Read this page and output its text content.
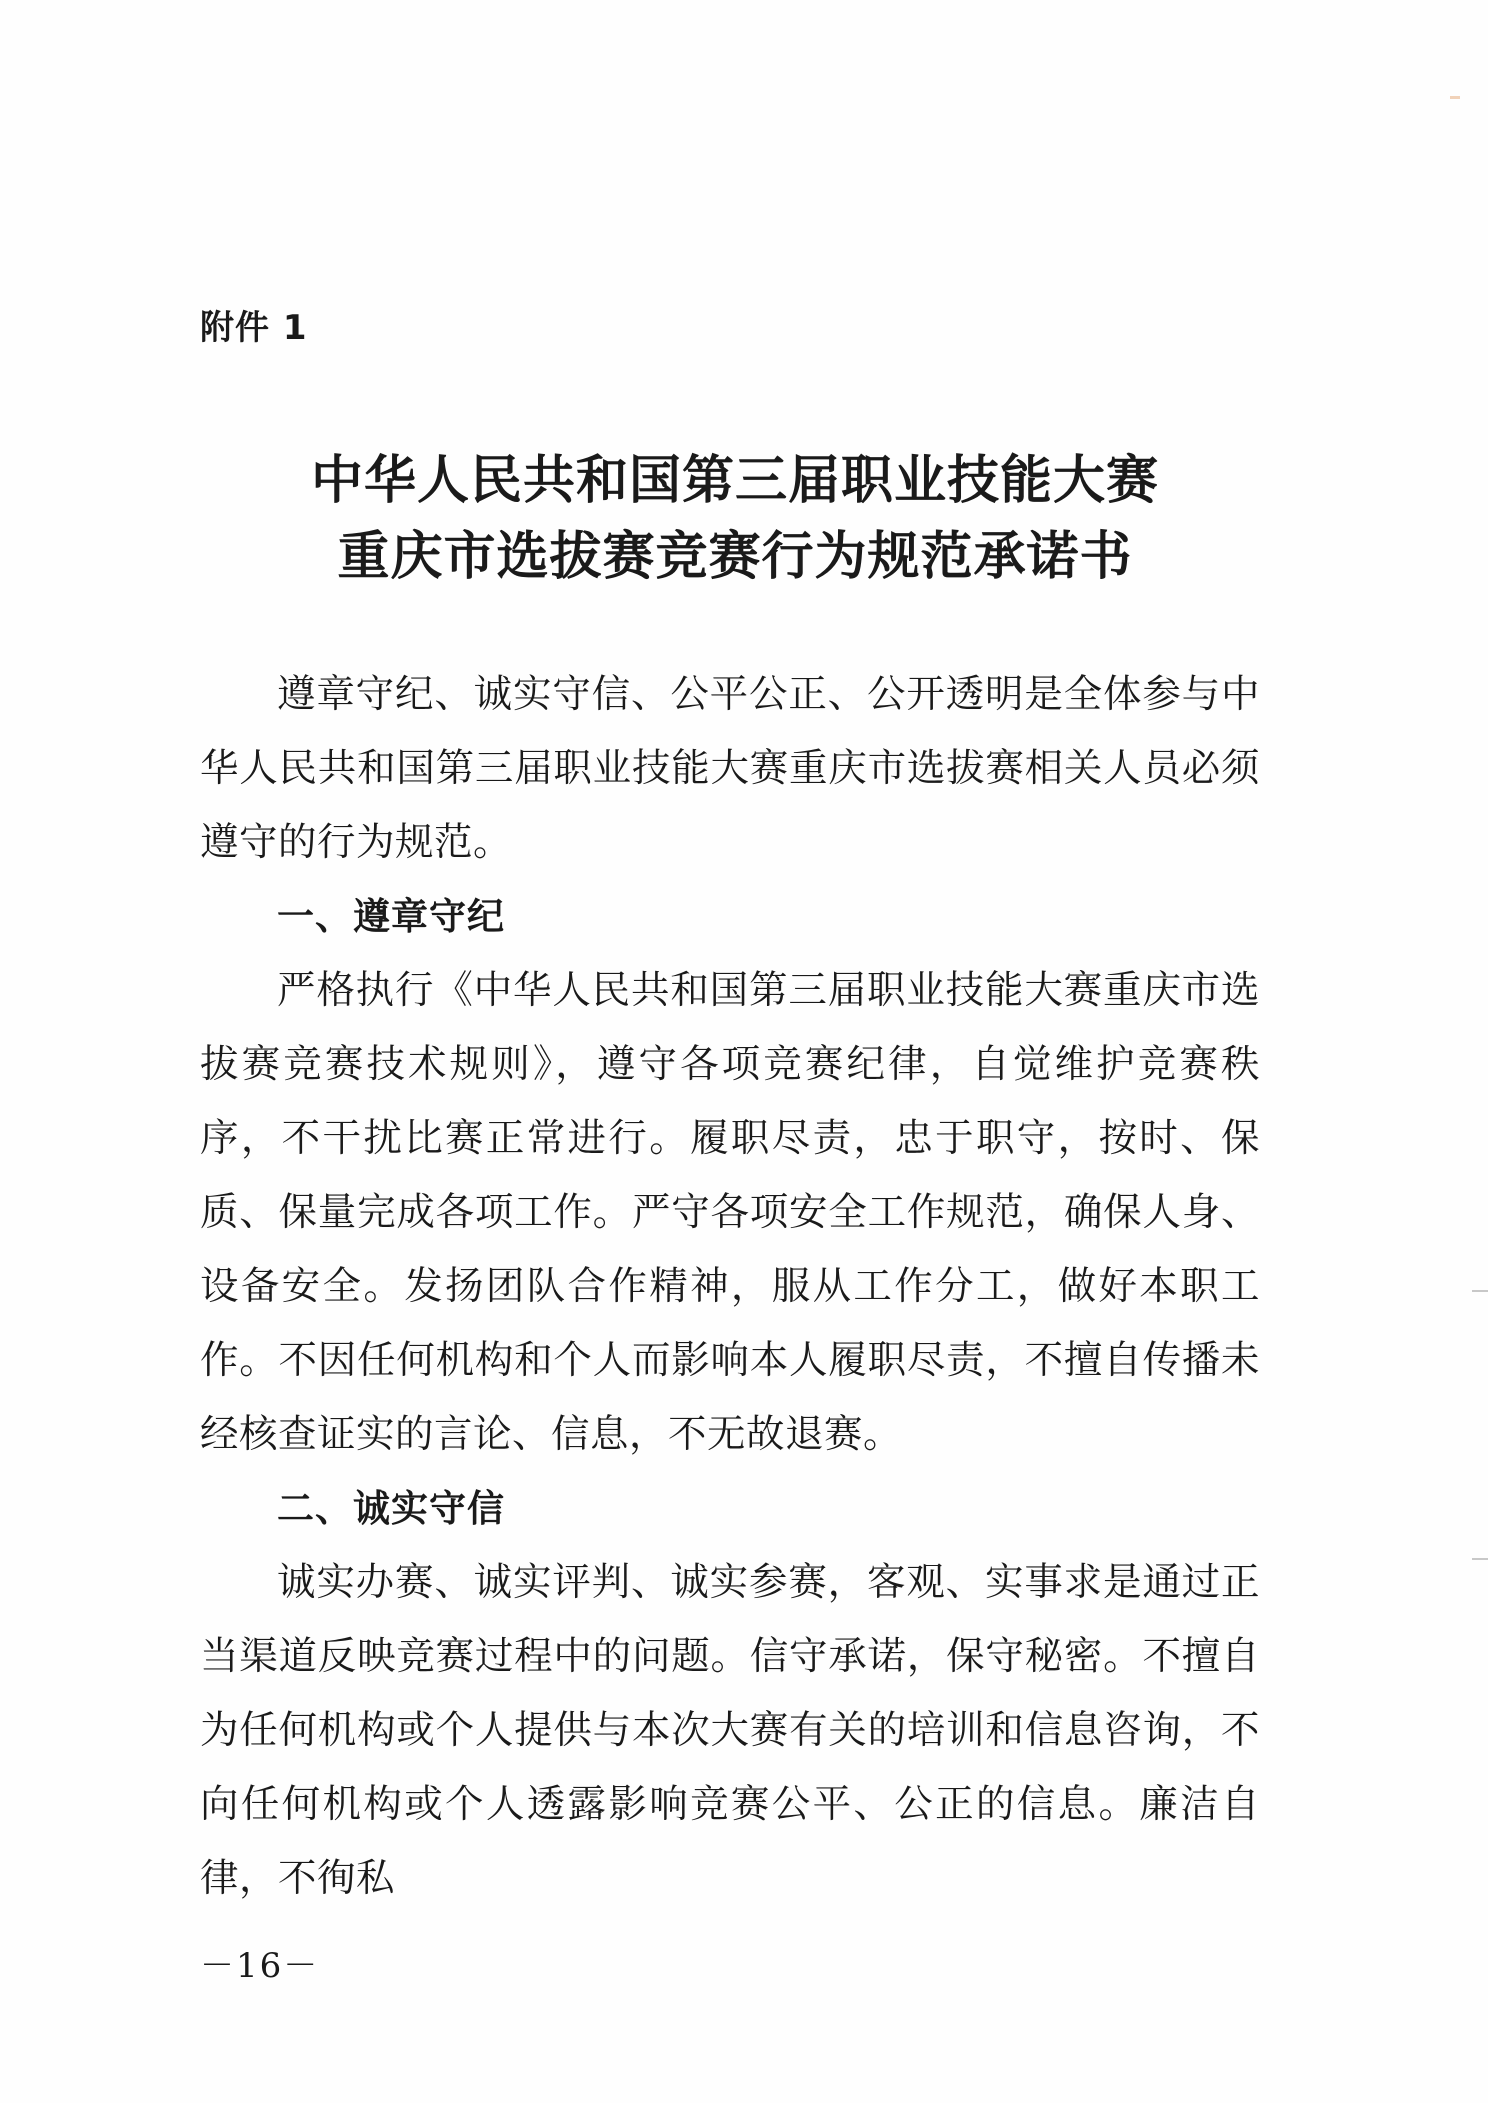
附件 1
中华人民共和国第三届职业技能大赛
重庆市选拔赛竞赛行为规范承诺书

遵章守纪、诚实守信、公平公正、公开透明是全体参与中华人民共和国第三届职业技能大赛重庆市选拔赛相关人员必须遵守的行为规范。

一、遵章守纪

严格执行《中华人民共和国第三届职业技能大赛重庆市选拔赛竞赛技术规则》，遵守各项竞赛纪律，自觉维护竞赛秩序，不干扰比赛正常进行。履职尽责，忠于职守，按时、保质、保量完成各项工作。严守各项安全工作规范，确保人身、设备安全。发扬团队合作精神，服从工作分工，做好本职工作。不因任何机构和个人而影响本人履职尽责，不擅自传播未经核查证实的言论、信息，不无故退赛。

二、诚实守信

诚实办赛、诚实评判、诚实参赛，客观、实事求是通过正当渠道反映竞赛过程中的问题。信守承诺，保守秘密。不擅自为任何机构或个人提供与本次大赛有关的培训和信息咨询，不向任何机构或个人透露影响竞赛公平、公正的信息。廉洁自律，不徇私

－16－
